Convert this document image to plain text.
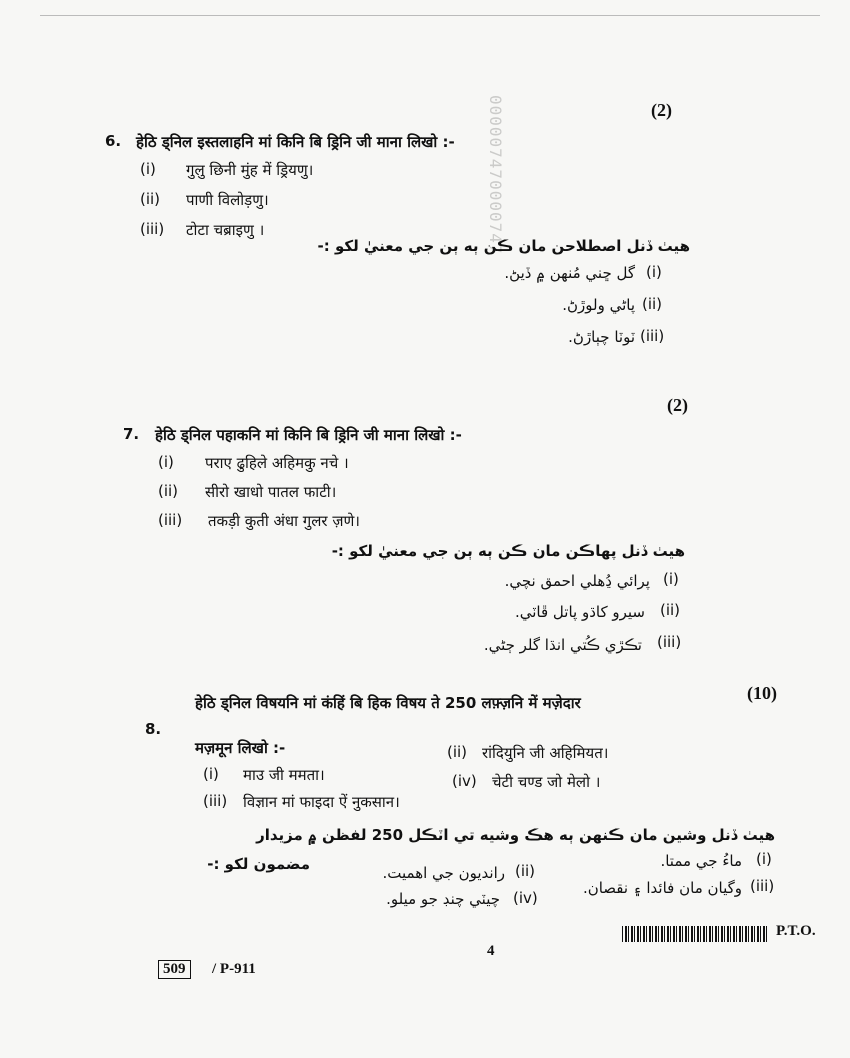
000007470000747	(2)
6. हेठि ड्निल इस्तलाहनि मां किनि बि ड्रिनि जी माना लिखो :-
(i) गुलु छिनी मुंह में ड्रियणु।
(ii) पाणी विलोड़णु।
(iii) टोटा चब्राइणु ।
هيٺ ڏنل اصطلاحن مان ڪن ٻه ٻن جي معنيٰ لکو :-
(i)
گل ڇني مُنهن ۾ ڏيڻ.
(ii)
پاڻي ولوڙڻ.
(iii)
ٽوٽا چٻاڙڻ.
(2)
7. हेठि ड्निल पहाकनि मां किनि बि ड्रिनि जी माना लिखो :-
(i) पराए ढुहिले अहिमकु नचे ।
(ii) सीरो खाधो पातल फाटी।
(iii) तकड़ी कुती अंधा गुलर ज़णे।
هيٺ ڏنل پهاڪن مان ڪن ٻه ٻن جي معنيٰ لکو :-
(i)
پرائي ڍُهلي احمق نچي.
(ii)
سيرو کاڌو پاتل ڦاٽي.
(iii)
تڪڙي ڪُتي انڌا گلر ڄڻي.
(10)
हेठि ड्निल विषयनि मां कंहिं बि हिक विषय ते 250 लफ़्ज़नि में मज़ेदार
8.
मज़मून लिखो :-
(i) माउ जी ममता।
(ii) रांदियुनि जी अहिमियत।
(iii) विज्ञान मां फाइदा ऐं नुकसान।
(iv) चेटी चण्ड जो मेलो ।
هيٺ ڏنل وشين مان ڪنهن ٻه هڪ وشيه تي اٽڪل 250 لفظن ۾ مزيدار
مضمون لکو :-	(i)
ماءُ جي ممتا.
(ii)
رانديون جي اهميت.
(iii)
وگيان مان فائدا ۽ نقصان.
(iv)
چيٽي چنڊ جو ميلو.
P.T.O.
4
509	/ P-911
